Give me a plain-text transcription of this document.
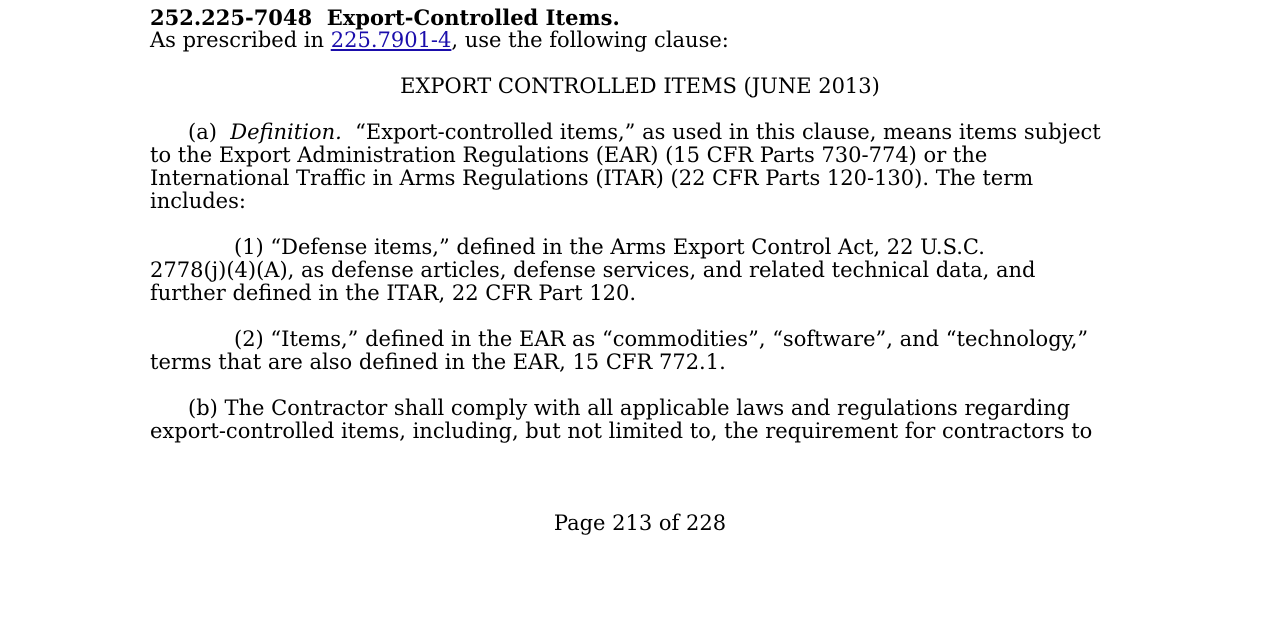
252.225-7048 Export-Controlled Items.
As prescribed in 225.7901-4, use the following clause:
EXPORT CONTROLLED ITEMS (JUNE 2013)
(a) Definition. “Export-controlled items,” as used in this clause, means items subject
to the Export Administration Regulations (EAR) (15 CFR Parts 730-774) or the
International Traffic in Arms Regulations (ITAR) (22 CFR Parts 120-130). The term
includes:
(1) “Defense items,” defined in the Arms Export Control Act, 22 U.S.C.
2778(j)(4)(A), as defense articles, defense services, and related technical data, and
further defined in the ITAR, 22 CFR Part 120.
(2) “Items,” defined in the EAR as “commodities”, “software”, and “technology,”
terms that are also defined in the EAR, 15 CFR 772.1.
(b) The Contractor shall comply with all applicable laws and regulations regarding
export-controlled items, including, but not limited to, the requirement for contractors to
Page 213 of 228
